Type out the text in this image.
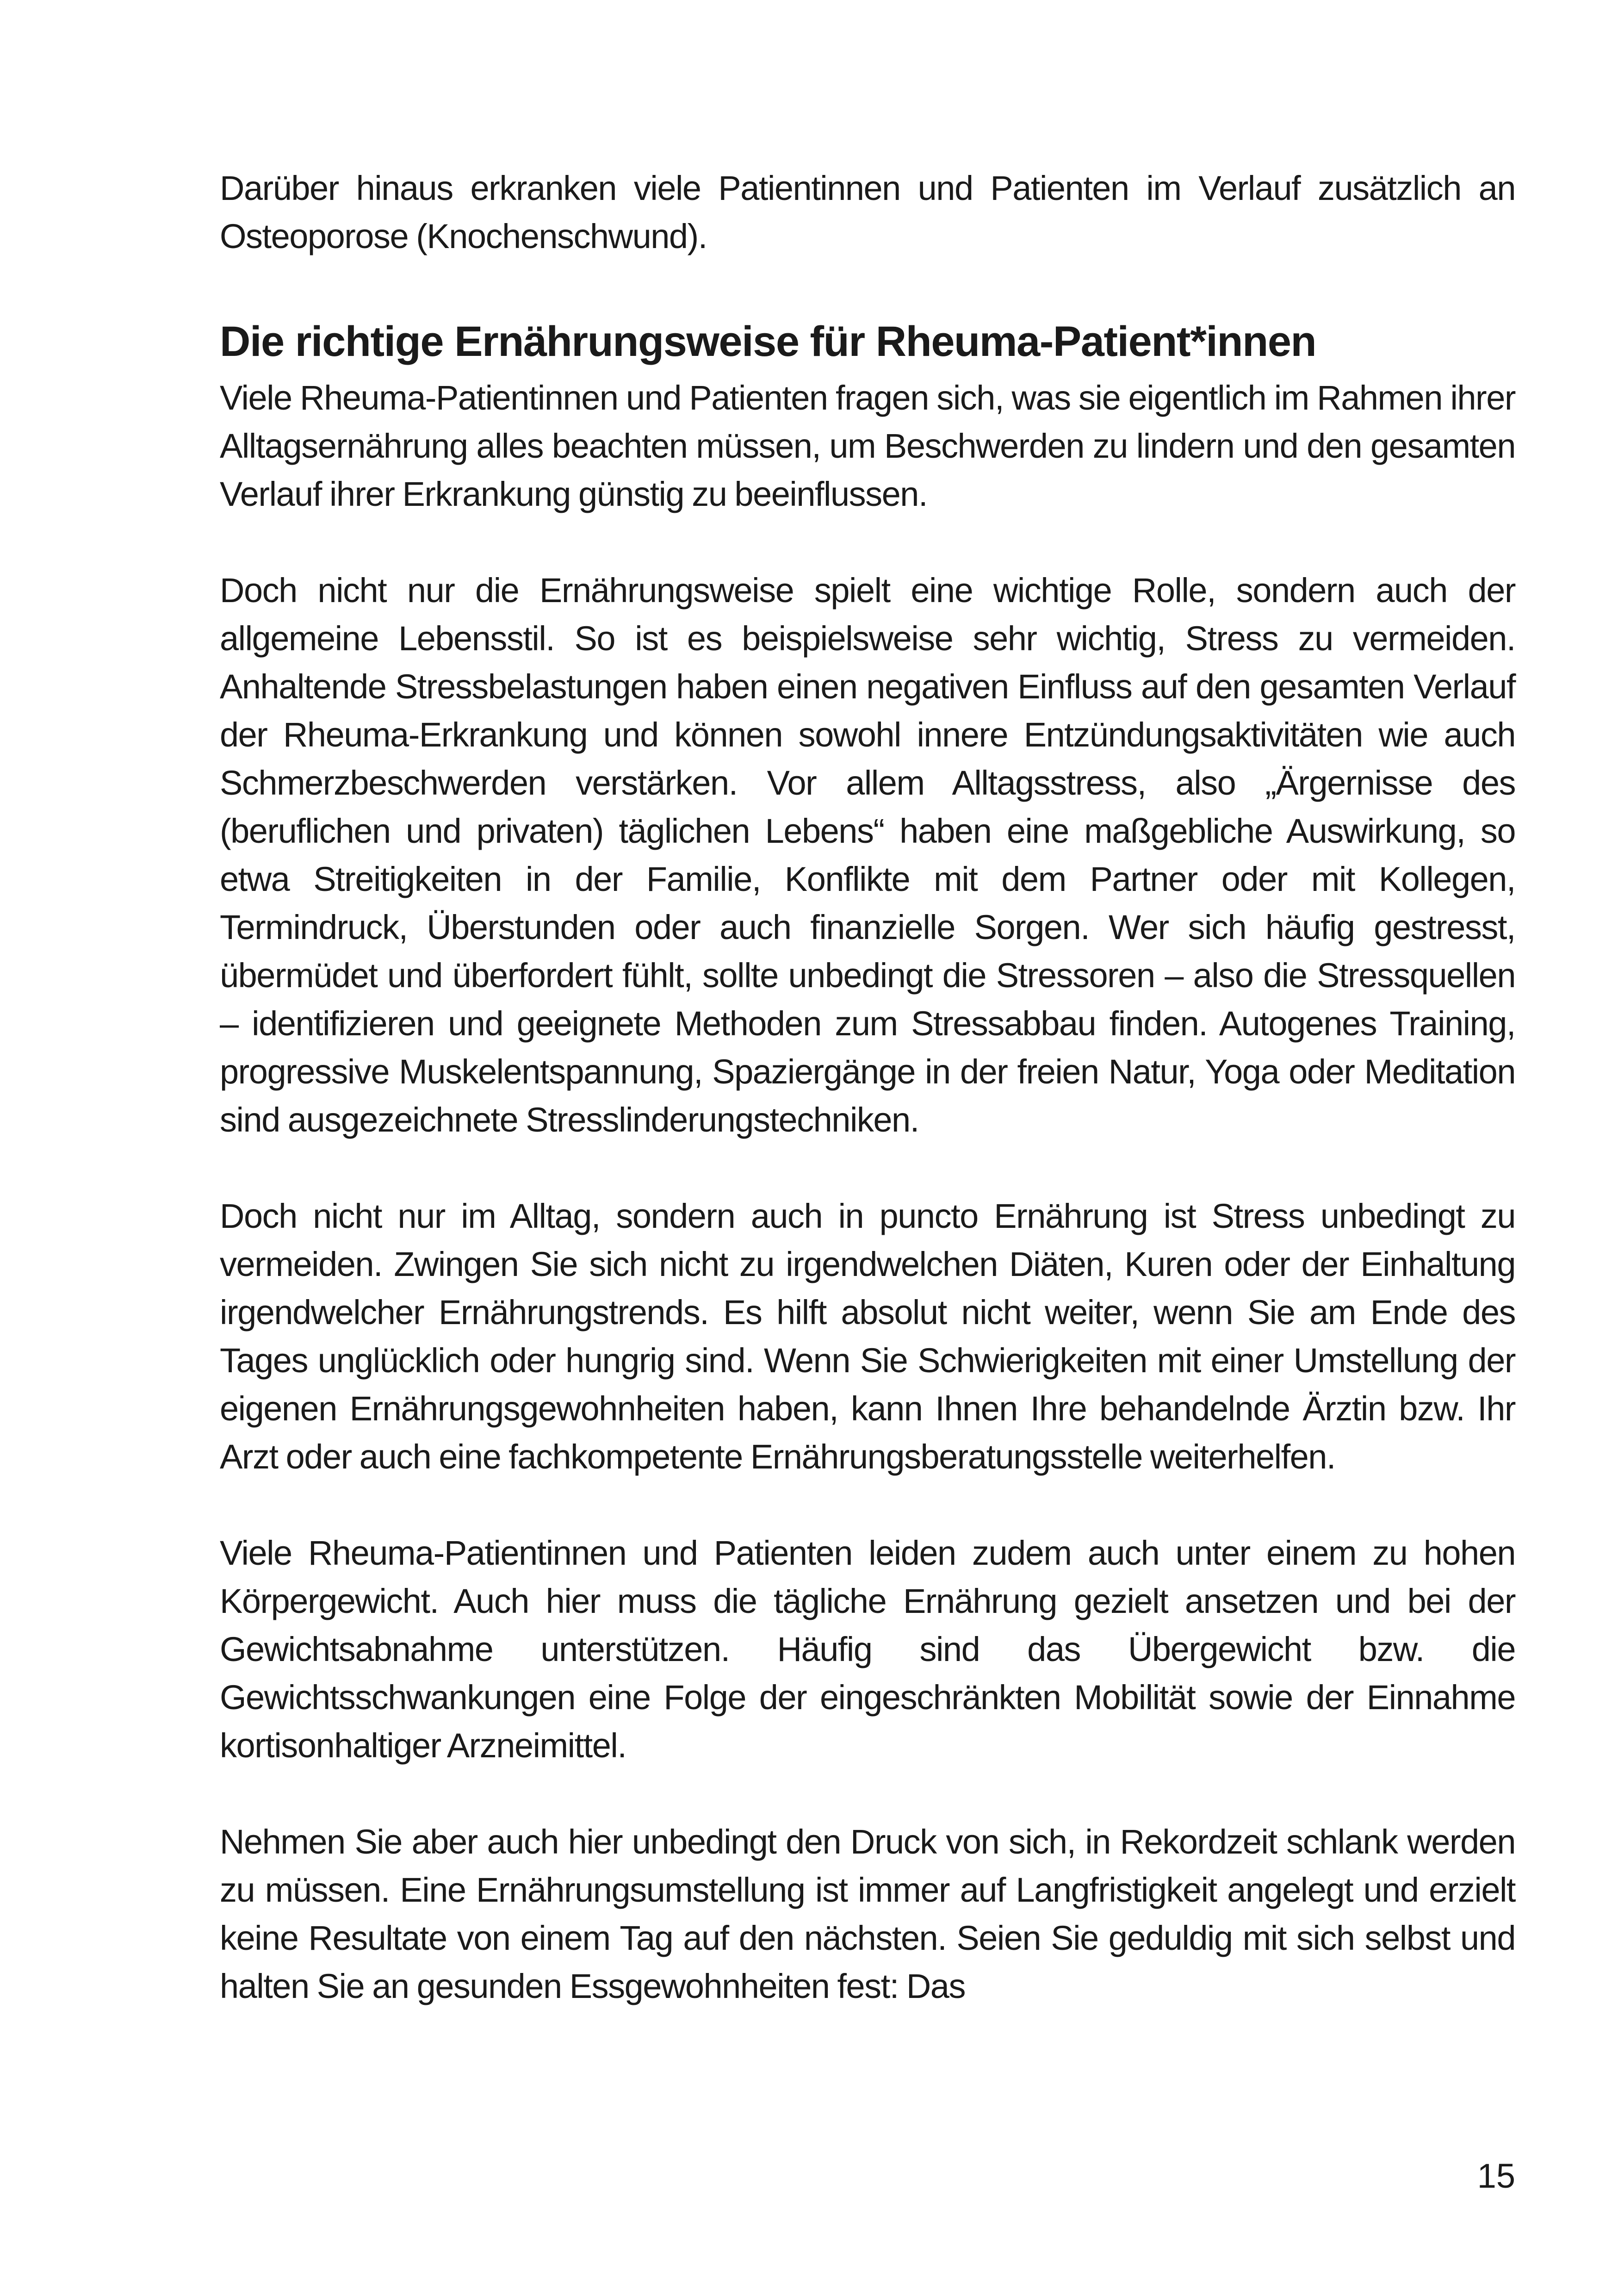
Darüber hinaus erkranken viele Patientinnen und Patienten im Verlauf zusätzlich an Osteoporose (Knochenschwund).

Die richtige Ernährungsweise für Rheuma-Patient*innen

Viele Rheuma-Patientinnen und Patienten fragen sich, was sie eigentlich im Rahmen ihrer Alltagsernährung alles beachten müssen, um Beschwerden zu lindern und den gesamten Verlauf ihrer Erkrankung günstig zu beeinflussen.

Doch nicht nur die Ernährungsweise spielt eine wichtige Rolle, sondern auch der allgemeine Lebensstil. So ist es beispielsweise sehr wichtig, Stress zu vermeiden. Anhaltende Stressbelastungen haben einen negativen Einfluss auf den gesamten Verlauf der Rheuma-Erkrankung und können sowohl innere Entzündungsaktivitäten wie auch Schmerzbeschwerden verstärken. Vor allem Alltagsstress, also „Ärgernisse des (beruflichen und privaten) täglichen Lebens“ haben eine maßgebliche Auswirkung, so etwa Streitigkeiten in der Familie, Konflikte mit dem Partner oder mit Kollegen, Termindruck, Überstunden oder auch finanzielle Sorgen. Wer sich häufig gestresst, übermüdet und überfordert fühlt, sollte unbedingt die Stressoren – also die Stressquellen – identifizieren und geeignete Methoden zum Stressabbau finden. Autogenes Training, progressive Muskelentspannung, Spaziergänge in der freien Natur, Yoga oder Meditation sind ausgezeichnete Stresslinderungstechniken.

Doch nicht nur im Alltag, sondern auch in puncto Ernährung ist Stress unbedingt zu vermeiden. Zwingen Sie sich nicht zu irgendwelchen Diäten, Kuren oder der Einhaltung irgendwelcher Ernährungstrends. Es hilft absolut nicht weiter, wenn Sie am Ende des Tages unglücklich oder hungrig sind. Wenn Sie Schwierigkeiten mit einer Umstellung der eigenen Ernährungsgewohnheiten haben, kann Ihnen Ihre behandelnde Ärztin bzw. Ihr Arzt oder auch eine fachkompetente Ernährungsberatungsstelle weiterhelfen.

Viele Rheuma-Patientinnen und Patienten leiden zudem auch unter einem zu hohen Körpergewicht. Auch hier muss die tägliche Ernährung gezielt ansetzen und bei der Gewichtsabnahme unterstützen. Häufig sind das Übergewicht bzw. die Gewichtsschwankungen eine Folge der eingeschränkten Mobilität sowie der Einnahme kortisonhaltiger Arzneimittel.

Nehmen Sie aber auch hier unbedingt den Druck von sich, in Rekordzeit schlank werden zu müssen. Eine Ernährungsumstellung ist immer auf Langfristigkeit angelegt und erzielt keine Resultate von einem Tag auf den nächsten. Seien Sie geduldig mit sich selbst und halten Sie an gesunden Essgewohnheiten fest: Das

15
